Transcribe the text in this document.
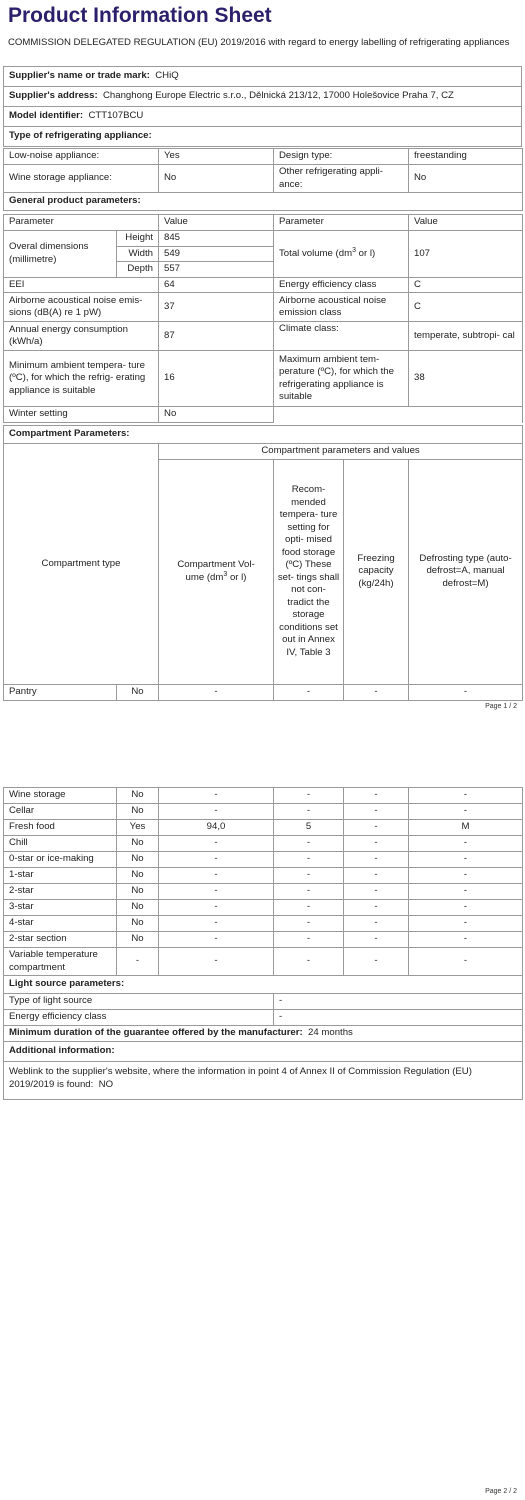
Product Information Sheet
COMMISSION DELEGATED REGULATION (EU) 2019/2016 with regard to energy labelling of refrigerating appliances
Supplier's name or trade mark: CHiQ
Supplier's address: Changhong Europe Electric s.r.o., Dělnická 213/12, 17000 Holešovice Praha 7, CZ
Model identifier: CTT107BCU
Type of refrigerating appliance:
Low-noise appliance:	Yes	Design type:	freestanding
Wine storage appliance:	No	Other refrigerating appli- ance:	No
General product parameters:			
Parameter		Value	Parameter	Value
Overal dimensions (millimetre)	Height	845	Total volume ($dm^3$ or l)	107
	Width	549		
	Depth	557		
EEI		64	Energy efficiency class	C
Airborne acoustical noise emis- sions (dB(A) re 1 pW)		37	Airborne acoustical noise emission class	C
Annual energy consumption (kWh/a)		87	Climate class:	temperate, subtropi- cal
Minimum ambient tempera- ture (ºC), for which the refrig- erating appliance is suitable		16	Maximum ambient tem- perature (ºC), for which the refrigerating appliance is suitable	38
Winter setting		No		
Compartment Parameters:					
Compartment type		Compartment parameters and values			
		Compartment Vol-
ume ($dm^3$ or l)	Recom- mended tempera- ture setting for opti- mised food storage (ºC) These set- tings shall not con- tradict the storage conditions set out in Annex IV, Table 3	Freezing capacity (kg/24h)	Defrosting type (auto-defrost=A, manual defrost=M)
Pantry	No	-	-	-	-
Page 1 / 2
Wine storage	No	-	-	-	-
Cellar	No	-	-	-	-
Fresh food	Yes	94,0	5	-	M
Chill	No	-	-	-	-
0-star or ice-making	No	-	-	-	-
1-star	No	-	-	-	-
2-star	No	-	-	-	-
3-star	No	-	-	-	-
4-star	No	-	-	-	-
2-star section	No	-	-	-	-
Variable temperature compartment	-	-	-	-	-
Light source parameters:	
Type of light source	-
Energy efficiency class	-
Minimum duration of the guarantee offered by the manufacturer: 24 months	
Additional information:	
Weblink to the supplier's website, where the information in point 4 of Annex II of Commission Regulation (EU) 2019/2019 is found: NO	
Page 2 / 2
